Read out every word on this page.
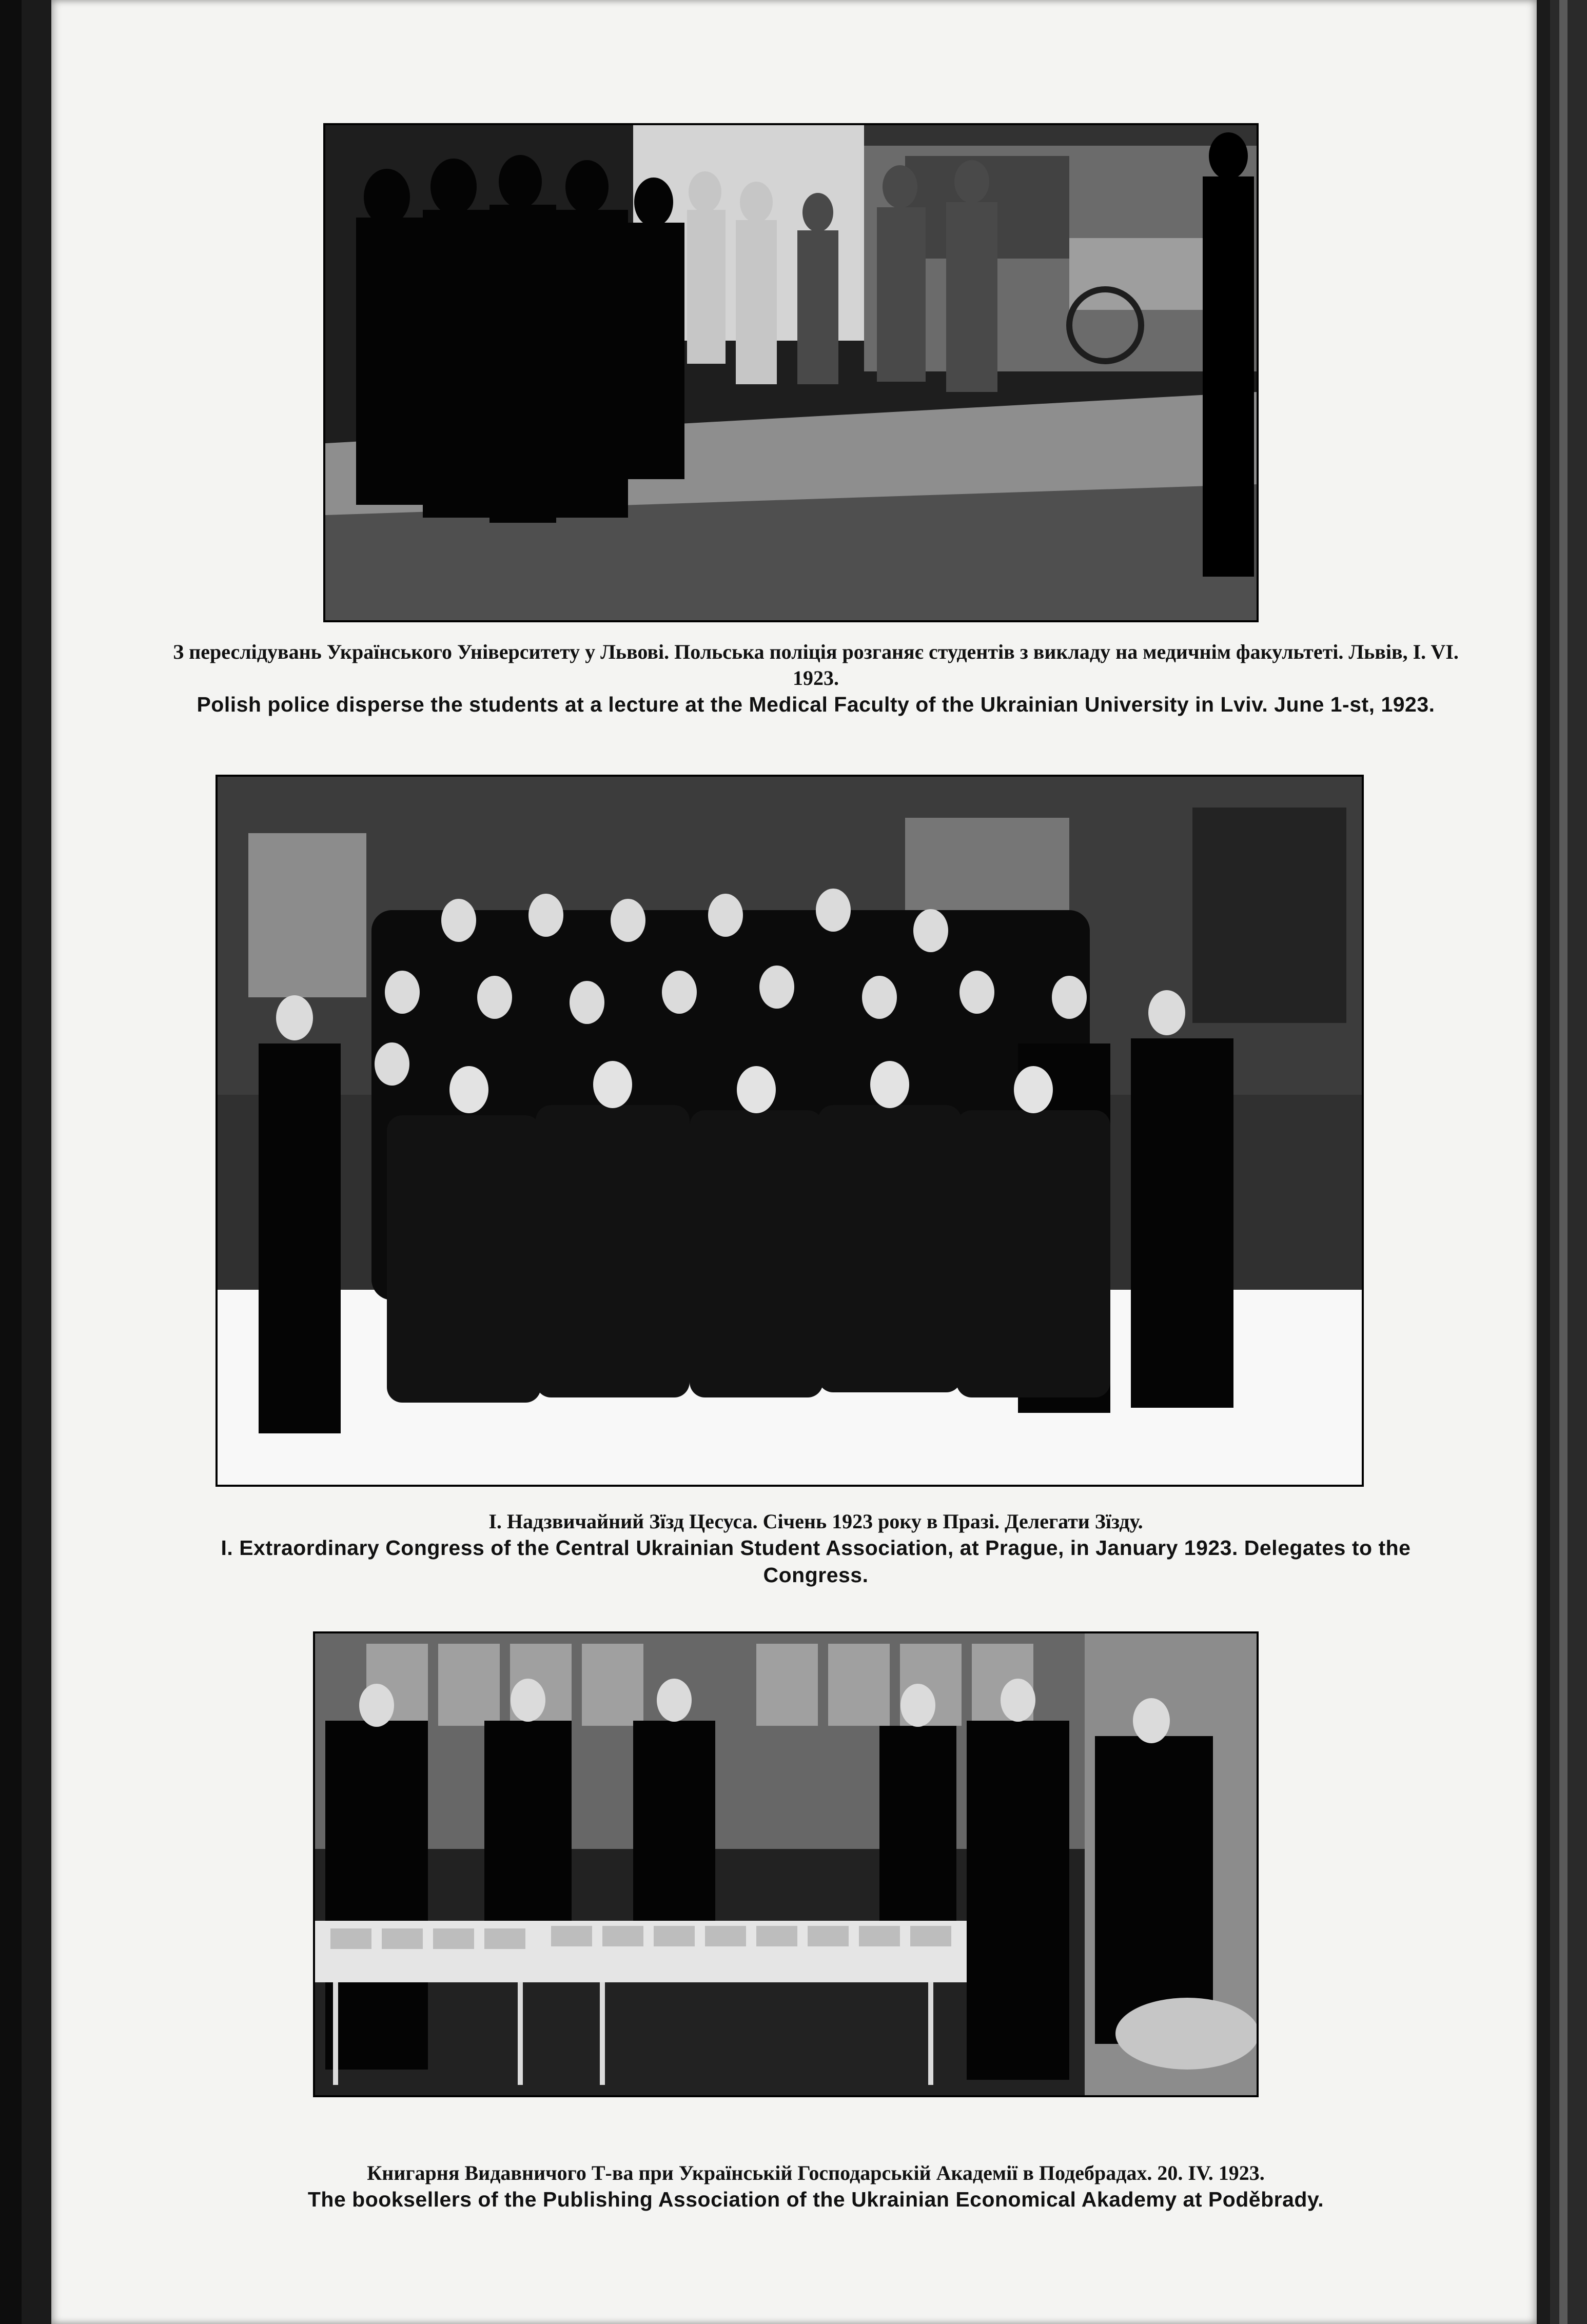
З переслідувань Українського Університету у Львові. Польська поліція розганяє студентів з викладу на медичнім факультеті. Львів, I. VI. 1923.
Polish police disperse the students at a lecture at the Medical Faculty of the Ukrainian University in Lviv. June 1-st, 1923.
I. Надзвичайний Зїзд Цесуса. Січень 1923 року в Празі. Делегати Зїзду.
I. Extraordinary Congress of the Central Ukrainian Student Association, at Prague, in January 1923. Delegates to the Congress.
Книгарня Видавничого Т-ва при Українській Господарській Академії в Подебрадах. 20. IV. 1923.
The booksellers of the Publishing Association of the Ukrainian Economical Akademy at Poděbrady.
